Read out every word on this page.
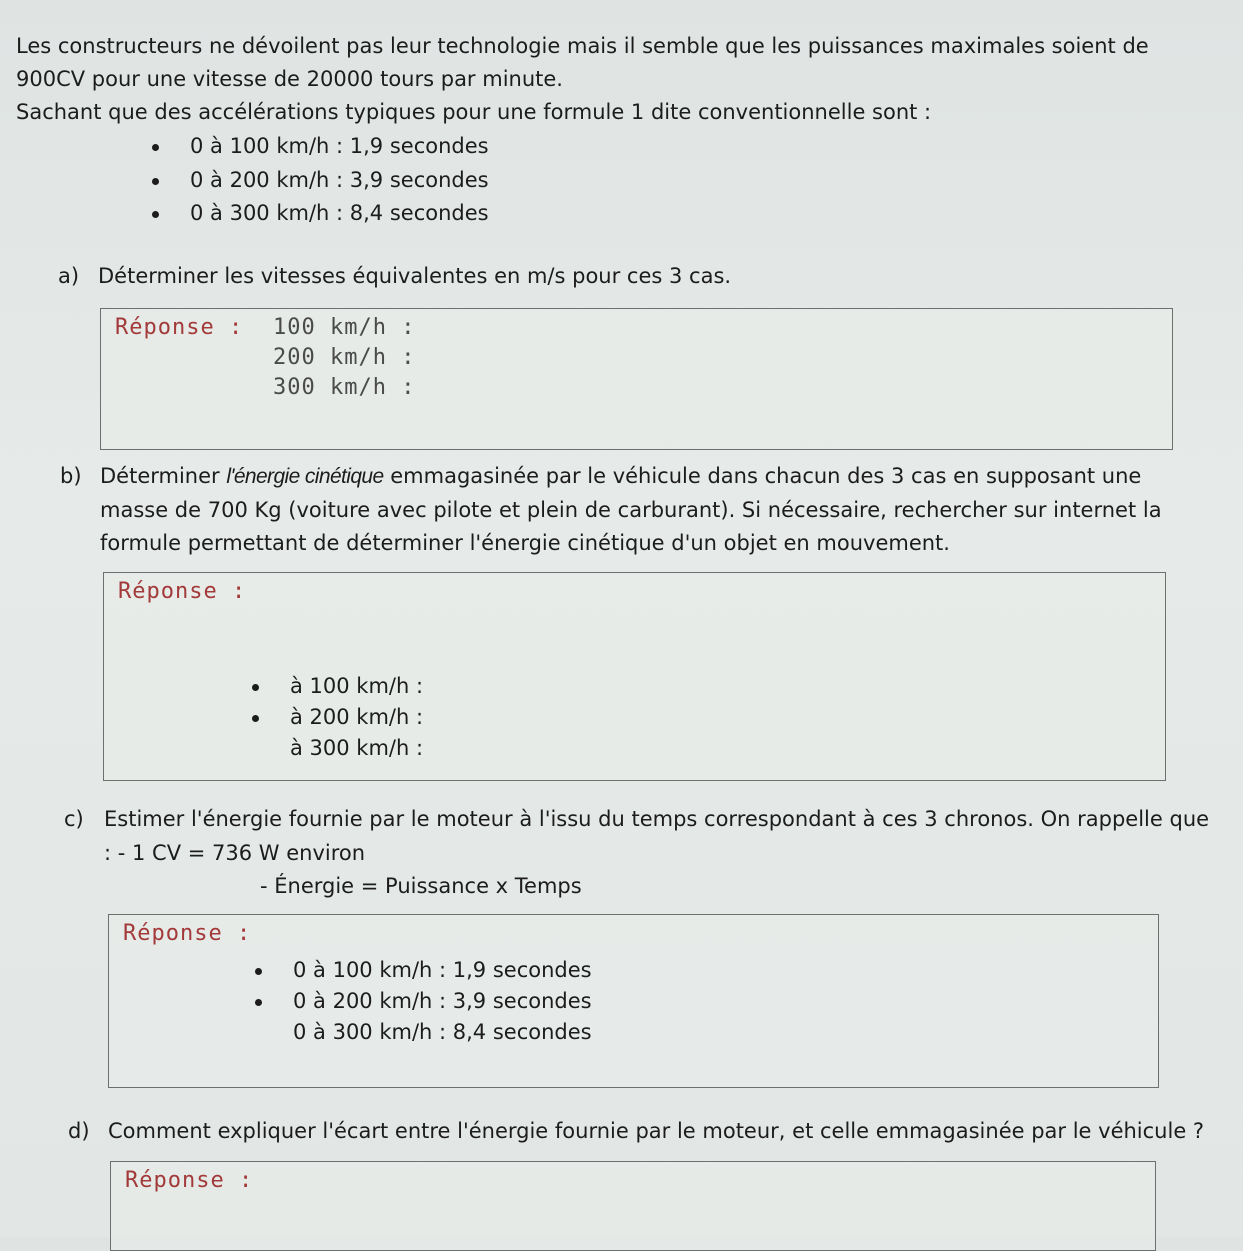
Les constructeurs ne dévoilent pas leur technologie mais il semble que les puissances maximales soient de

900CV pour une vitesse de 20000 tours par minute.

Sachant que des accélérations typiques pour une formule 1 dite conventionnelle sont :

0 à 100 km/h : 1,9 secondes
0 à 200 km/h : 3,9 secondes
0 à 300 km/h : 8,4 secondes
a) Déterminer les vitesses équivalentes en m/s pour ces 3 cas.
Réponse : 100 km/h :
200 km/h :
300 km/h :
b) Déterminer l'énergie cinétique emmagasinée par le véhicule dans chacun des 3 cas en supposant une
masse de 700 Kg (voiture avec pilote et plein de carburant). Si nécessaire, rechercher sur internet la
formule permettant de déterminer l'énergie cinétique d'un objet en mouvement.
Réponse :
à 100 km/h :
à 200 km/h :
à 300 km/h :
c) Estimer l'énergie fournie par le moteur à l'issu du temps correspondant à ces 3 chronos. On rappelle que
: - 1 CV = 736 W environ
- Énergie = Puissance x Temps
Réponse :
0 à 100 km/h : 1,9 secondes
0 à 200 km/h : 3,9 secondes
0 à 300 km/h : 8,4 secondes
d) Comment expliquer l'écart entre l'énergie fournie par le moteur, et celle emmagasinée par le véhicule ?
Réponse :
